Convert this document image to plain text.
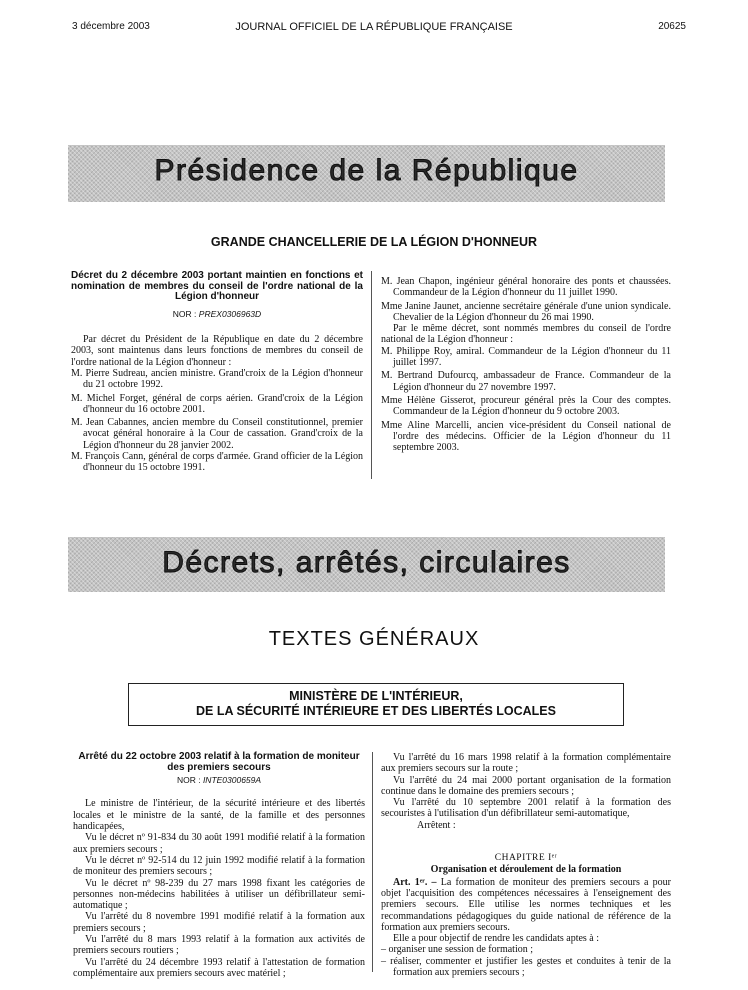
3 décembre 2003	JOURNAL OFFICIEL DE LA RÉPUBLIQUE FRANÇAISE	20625
Présidence de la République
GRANDE CHANCELLERIE DE LA LÉGION D'HONNEUR
Décret du 2 décembre 2003 portant maintien en fonctions et nomination de membres du conseil de l'ordre national de la Légion d'honneur
NOR : PREX0306963D

Par décret du Président de la République en date du 2 décembre 2003, sont maintenus dans leurs fonctions de membres du conseil de l'ordre national de la Légion d'honneur :

M. Pierre Sudreau, ancien ministre. Grand'croix de la Légion d'honneur du 21 octobre 1992.

M. Michel Forget, général de corps aérien. Grand'croix de la Légion d'honneur du 16 octobre 2001.

M. Jean Cabannes, ancien membre du Conseil constitutionnel, premier avocat général honoraire à la Cour de cassation. Grand'croix de la Légion d'honneur du 28 janvier 2002.

M. François Cann, général de corps d'armée. Grand officier de la Légion d'honneur du 15 octobre 1991.

M. Jean Chapon, ingénieur général honoraire des ponts et chaussées. Commandeur de la Légion d'honneur du 11 juillet 1990.

Mme Janine Jaunet, ancienne secrétaire générale d'une union syndicale. Chevalier de la Légion d'honneur du 26 mai 1990.

Par le même décret, sont nommés membres du conseil de l'ordre national de la Légion d'honneur :

M. Philippe Roy, amiral. Commandeur de la Légion d'honneur du 11 juillet 1997.

M. Bertrand Dufourcq, ambassadeur de France. Commandeur de la Légion d'honneur du 27 novembre 1997.

Mme Hélène Gisserot, procureur général près la Cour des comptes. Commandeur de la Légion d'honneur du 9 octobre 2003.

Mme Aline Marcelli, ancien vice-président du Conseil national de l'ordre des médecins. Officier de la Légion d'honneur du 11 septembre 2003.

Décrets, arrêtés, circulaires
TEXTES GÉNÉRAUX
MINISTÈRE DE L'INTÉRIEUR,
DE LA SÉCURITÉ INTÉRIEURE ET DES LIBERTÉS LOCALES
Arrêté du 22 octobre 2003 relatif à la formation de moniteur des premiers secours
NOR : INTE0300659A

Le ministre de l'intérieur, de la sécurité intérieure et des libertés locales et le ministre de la santé, de la famille et des personnes handicapées,

Vu le décret nº 91-834 du 30 août 1991 modifié relatif à la formation aux premiers secours ;

Vu le décret nº 92-514 du 12 juin 1992 modifié relatif à la formation de moniteur des premiers secours ;

Vu le décret nº 98-239 du 27 mars 1998 fixant les catégories de personnes non-médecins habilitées à utiliser un défibrillateur semi-automatique ;

Vu l'arrêté du 8 novembre 1991 modifié relatif à la formation aux premiers secours ;

Vu l'arrêté du 8 mars 1993 relatif à la formation aux activités de premiers secours routiers ;

Vu l'arrêté du 24 décembre 1993 relatif à l'attestation de formation complémentaire aux premiers secours avec matériel ;

Vu l'arrêté du 16 mars 1998 relatif à la formation complémentaire aux premiers secours sur la route ;

Vu l'arrêté du 24 mai 2000 portant organisation de la formation continue dans le domaine des premiers secours ;

Vu l'arrêté du 10 septembre 2001 relatif à la formation des secouristes à l'utilisation d'un défibrillateur semi-automatique,

Arrêtent :

CHAPITRE Iᵉʳ
Organisation et déroulement de la formation

Art. 1ᵉʳ. – La formation de moniteur des premiers secours a pour objet l'acquisition des compétences nécessaires à l'enseignement des premiers secours. Elle utilise les normes techniques et les recommandations pédagogiques du guide national de référence de la formation aux premiers secours.

Elle a pour objectif de rendre les candidats aptes à :

– organiser une session de formation ;

– réaliser, commenter et justifier les gestes et conduites à tenir de la formation aux premiers secours ;
